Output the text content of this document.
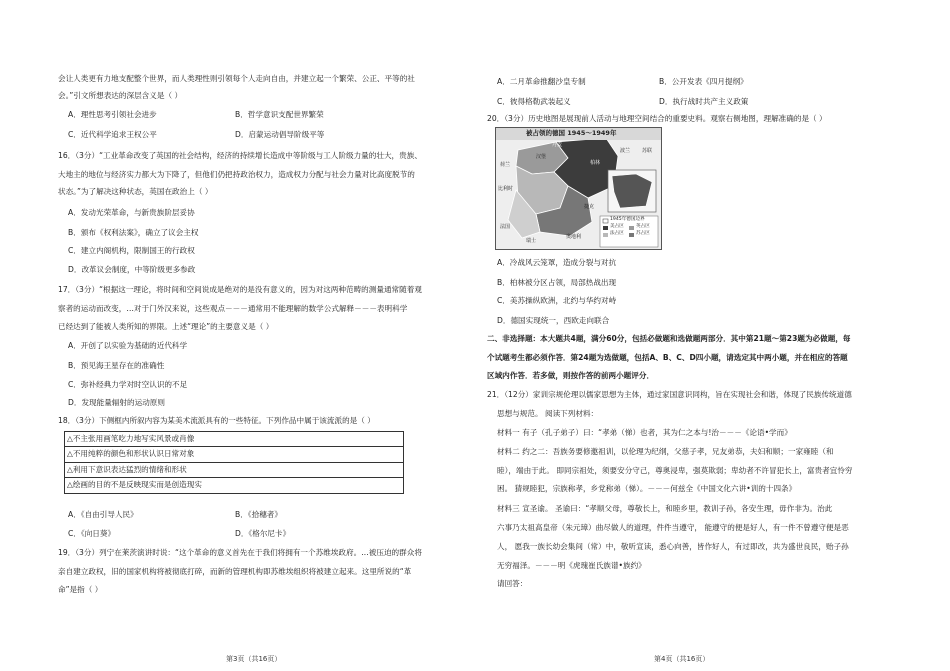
会让人类更有力地支配整个世界，而人类理性则引领每个人走向自由，并建立起一个繁荣、公正、平等的社
会。”引文所想表达的深层含义是（ ）
A．理性思考引领社会进步	B．哲学意识支配世界繁荣
C．近代科学追求王权公平	D．启蒙运动倡导阶级平等
16．（3分）“工业革命改变了英国的社会结构，经济的持续增长造成中等阶级与工人阶级力量的壮大，贵族、
大地主的地位与经济实力都大为下降了，但他们仍把持政治权力，造成权力分配与社会力量对比高度脱节的
状态。”为了解决这种状态，英国在政治上（ ）
A．发动光荣革命，与新贵族阶层妥协
B．颁布《权利法案》，确立了议会主权
C．建立内阁机构，限制国王的行政权
D．改革议会制度，中等阶级更多参政
17．（3分）“根据这一理论，将时间和空间说成是绝对的是没有意义的，因为对这两种范畴的测量通常随着观
察者的运动而改变，…对于门外汉来说，这些观点－－－通常用不能理解的数学公式解释－－－表明科学
已经达到了能被人类所知的界限。上述“理论”的主要意义是（ ）
A．开创了以实验为基础的近代科学
B．预见海王星存在的准确性
C．弥补经典力学对时空认识的不足
D．发现能量辐射的运动原则
18．（3分）下侧框内所叙内容为某美术流派具有的一些特征。下列作品中属于该流派的是（ ）
△不主张用画笔吃力地写实风景或肖像
△不用纯粹的颜色和形状认识日常对象
△利用下意识表达猛烈的情绪和形状
△绘画的目的不是反映现实而是创造现实
A．《自由引导人民》	B．《拾穗者》
C．《向日葵》	D．《格尔尼卡》
19．（3分）列宁在莱茨演讲时说：“这个革命的意义首先在于我们将拥有一个苏维埃政府。…被压迫的群众将
亲自建立政权，旧的国家机构将被彻底打碎，而新的管理机构即苏维埃组织将被建立起来。这里所说的“革
命”是指（ ）
A．二月革命推翻沙皇专制	B．公开发表《四月提纲》
C．彼得格勒武装起义	D．执行战时共产主义政策
20．（3分）历史地图是展现前人活动与地理空间结合的重要史料。观察右侧地图，理解准确的是（ ）
被占领的德国 1945～1949年
丹麦
汉堡
荷兰	柏林
比利时
法国
奥地利
捷克
波兰 苏联
瑞士
1945年德国边界
美占区	英占区
法占区	苏占区
A．冷战风云笼罩，造成分裂与对抗
B．柏林被分区占领，局部热战出现
C．美苏操纵欧洲，北约与华约对峙
D．德国实现统一，西欧走向联合
二、非选择题：本大题共4题，满分60分，包括必做题和选做题两部分．其中第21题～第23题为必做题，每
个试题考生都必须作答．第24题为选做题，包括A、B、C、D四小题，请选定其中两小题，并在相应的答题
区域内作答．若多做，则按作答的前两小题评分．
21．（12分）家训宗规伦理以儒家思想为主体，通过家国意识同构，旨在实现社会和谐，体现了民族传统道德
思想与规范。 阅读下列材料：
材料一 有子（孔子弟子）曰：“孝弟（悌）也者，其为仁之本与!治－－－《论语•学而》
材料二 约之二：吾族务要修邀祖训，以伦理为纪纲，父慈子孝，兄友弟恭，夫妇和顺；一家雍睦（和
睦），端由于此。 即同宗祖处，须要安分守己，尊奥浸卑，强莫欺弱；卑幼者不许冒犯长上，富贵者宜怜穷
困。 猜规睦犯，宗族称孝，乡党称弟（悌）。－－－何兹全《中国文化六讲•训的十四条》
材料三 宣圣谕。 圣谕曰：“孝顺父母，尊敬长上，和睦乡里，教训子孙，各安生理，毋作非为。治此
六事乃太祖高皇帝（朱元璋）曲尽做人的道理，件件当遵守， 能遵守的便是好人，有一件不曾遵守便是恶
人， 愿我一族长幼会集间（常）中，敬听宣读，悉心向善，皆作好人，有过即改，共为盛世良民，贻子孙
无穷福泽。－－－明《虎瑰崔氏族谱•族约》
请回答：
第3页（共16页）	第4页（共16页）
